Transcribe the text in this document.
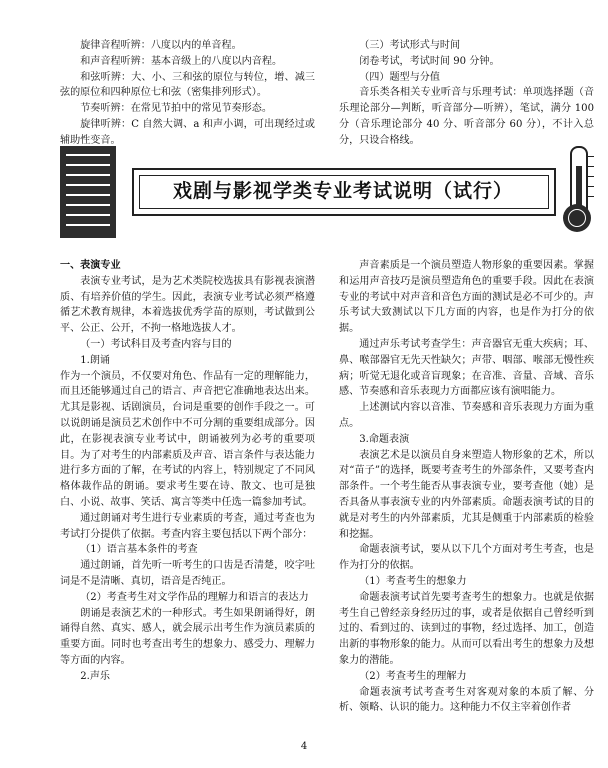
旋律音程听辨：八度以内的单音程。

和声音程听辨：基本音级上的八度以内音程。

和弦听辨：大、小、三和弦的原位与转位，增、减三弦的原位和四种原位七和弦（密集排列形式）。

节奏听辨：在常见节拍中的常见节奏形态。

旋律听辨：C 自然大调、a 和声小调，可出现经过或辅助性变音。

（三）考试形式与时间

闭卷考试，考试时间 90 分钟。

（四）题型与分值

音乐类各相关专业听音与乐理考试：单项选择题（音乐理论部分—判断，听音部分—听辨），笔试，满分 100 分（音乐理论部分 40 分、听音部分 60 分），不计入总分，只设合格线。

戏剧与影视学类专业考试说明（试行）

一、表演专业

表演专业考试，是为艺术类院校选拔具有影视表演潜质、有培养价值的学生。因此，表演专业考试必须严格遵循艺术教育规律，本着选拔优秀学苗的原则，考试做到公平、公正、公开，不拘一格地选拔人才。

（一）考试科目及考查内容与目的

1.朗诵

作为一个演员，不仅要对角色、作品有一定的理解能力，而且还能够通过自己的语言、声音把它准确地表达出来。尤其是影视、话剧演员，台词是重要的创作手段之一。可以说朗诵是演员艺术创作中不可分割的重要组成部分。因此，在影视表演专业考试中，朗诵被列为必考的重要项目。为了对考生的内部素质及声音、语言条件与表达能力进行多方面的了解，在考试的内容上，特别规定了不同风格体裁作品的朗诵。要求考生要在诗、散文、也可是独白、小说、故事、笑话、寓言等类中任选一篇参加考试。

通过朗诵对考生进行专业素质的考查，通过考查也为考试打分提供了依据。考查内容主要包括以下两个部分：

（1）语言基本条件的考查

通过朗诵，首先听一听考生的口齿是否清楚，咬字吐词是不是清晰、真切，语音是否纯正。

（2）考查考生对文学作品的理解力和语言的表达力

朗诵是表演艺术的一种形式。考生如果朗诵得好，朗诵得自然、真实、感人，就会展示出考生作为演员素质的重要方面。同时也考查出考生的想象力、感受力、理解力等方面的内容。

2.声乐

声音素质是一个演员塑造人物形象的重要因素。掌握和运用声音技巧是演员塑造角色的重要手段。因此在表演专业的考试中对声音和音色方面的测试是必不可少的。声乐考试大致测试以下几方面的内容，也是作为打分的依据。

通过声乐考试考查学生：声音器官无重大疾病；耳、鼻、喉部器官无先天性缺欠；声带、咽部、喉部无慢性疾病；听觉无退化或音盲现象；在音准、音量、音域、音乐感、节奏感和音乐表现力方面都应该有演唱能力。

上述测试内容以音准、节奏感和音乐表现力方面为重点。

3.命题表演

表演艺术是以演员自身来塑造人物形象的艺术，所以对“苗子”的选择，既要考查考生的外部条件，又要考查内部条件。一个考生能否从事表演专业，要考查他（她）是否具备从事表演专业的内外部素质。命题表演考试的目的就是对考生的内外部素质，尤其是侧重于内部素质的检验和挖掘。

命题表演考试，要从以下几个方面对考生考查，也是作为打分的依据。

（1）考查考生的想象力

命题表演考试首先要考查考生的想象力。也就是依据考生自己曾经亲身经历过的事，或者是依据自己曾经听到过的、看到过的、读到过的事物，经过选择、加工，创造出新的事物形象的能力。从而可以看出考生的想象力及想象力的潜能。

（2）考查考生的理解力

命题表演考试考查考生对客观对象的本质了解、分析、领略、认识的能力。这种能力不仅主宰着创作者

4
